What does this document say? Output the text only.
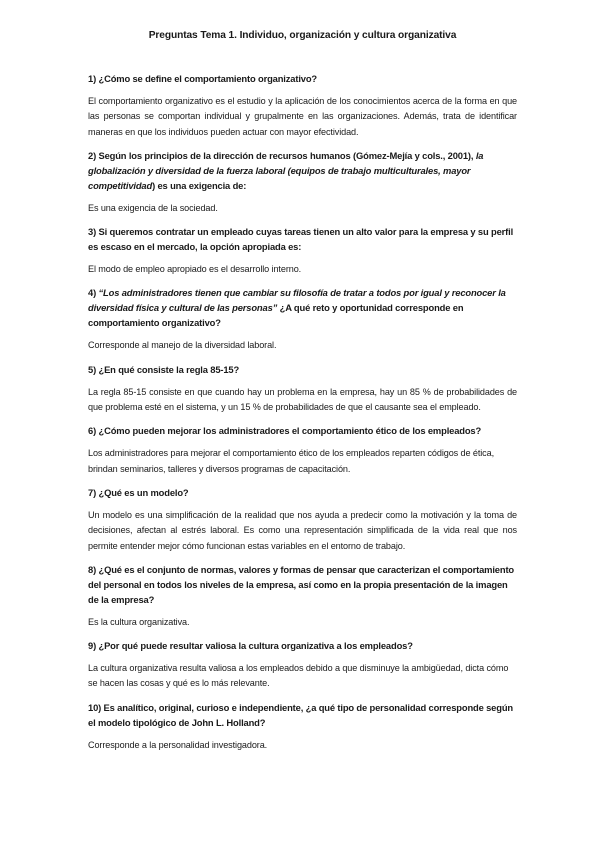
Preguntas Tema 1. Individuo, organización y cultura organizativa

1) ¿Cómo se define el comportamiento organizativo?

El comportamiento organizativo es el estudio y la aplicación de los conocimientos acerca de la forma en que las personas se comportan individual y grupalmente en las organizaciones. Además, trata de identificar maneras en que los individuos pueden actuar con mayor efectividad.

2) Según los principios de la dirección de recursos humanos (Gómez-Mejía y cols., 2001), la globalización y diversidad de la fuerza laboral (equipos de trabajo multiculturales, mayor competitividad) es una exigencia de:

Es una exigencia de la sociedad.

3) Si queremos contratar un empleado cuyas tareas tienen un alto valor para la empresa y su perfil es escaso en el mercado, la opción apropiada es:

El modo de empleo apropiado es el desarrollo interno.

4) “Los administradores tienen que cambiar su filosofía de tratar a todos por igual y reconocer la diversidad física y cultural de las personas” ¿A qué reto y oportunidad corresponde en comportamiento organizativo?

Corresponde al manejo de la diversidad laboral.

5) ¿En qué consiste la regla 85-15?

La regla 85-15 consiste en que cuando hay un problema en la empresa, hay un 85 % de probabilidades de que problema esté en el sistema, y un 15 % de probabilidades de que el causante sea el empleado.

6) ¿Cómo pueden mejorar los administradores el comportamiento ético de los empleados?

Los administradores para mejorar el comportamiento ético de los empleados reparten códigos de ética, brindan seminarios, talleres y diversos programas de capacitación.

7) ¿Qué es un modelo?

Un modelo es una simplificación de la realidad que nos ayuda a predecir como la motivación y la toma de decisiones, afectan al estrés laboral. Es como una representación simplificada de la vida real que nos permite entender mejor cómo funcionan estas variables en el entorno de trabajo.

8) ¿Qué es el conjunto de normas, valores y formas de pensar que caracterizan el comportamiento del personal en todos los niveles de la empresa, así como en la propia presentación de la imagen de la empresa?

Es la cultura organizativa.

9) ¿Por qué puede resultar valiosa la cultura organizativa a los empleados?

La cultura organizativa resulta valiosa a los empleados debido a que disminuye la ambigüedad, dicta cómo se hacen las cosas y qué es lo más relevante.

10) Es analítico, original, curioso e independiente, ¿a qué tipo de personalidad corresponde según el modelo tipológico de John L. Holland?

Corresponde a la personalidad investigadora.
